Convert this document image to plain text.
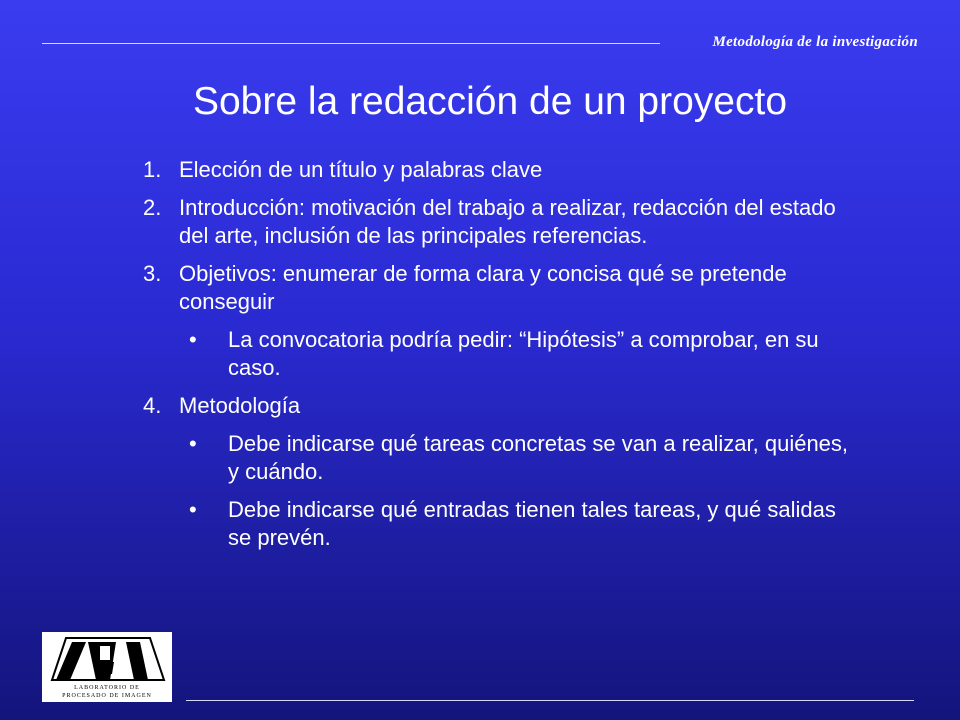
Metodología de la investigación
Sobre la redacción de un proyecto
1. Elección de un título y palabras clave
2. Introducción: motivación del trabajo a realizar, redacción del estado del arte, inclusión de las principales referencias.
3. Objetivos: enumerar de forma clara y concisa qué se pretende conseguir
• La convocatoria podría pedir: “Hipótesis” a comprobar, en su caso.
4. Metodología
• Debe indicarse qué tareas concretas se van a realizar, quiénes, y cuándo.
• Debe indicarse qué entradas tienen tales tareas, y qué salidas se prevén.
LABORATORIO DE
PROCESADO DE IMAGEN
